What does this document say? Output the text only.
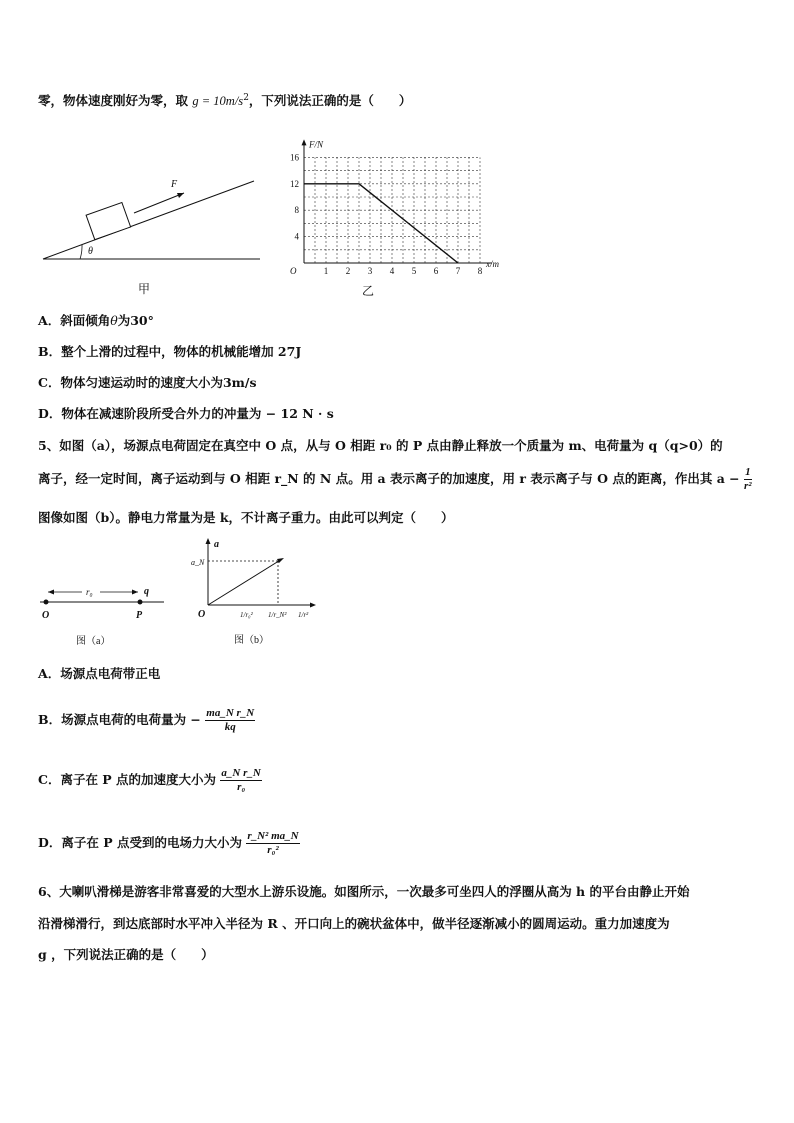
零，物体速度刚好为零，取 $g = 10m/s^2$，下列说法正确的是（　　）
θ
F
甲
F/N
x/m
O
4
8
12
16
1 2 3 4 5 6 7 8
乙
A．斜面倾角θ为30°
B．整个上滑的过程中，物体的机械能增加 27J
C．物体匀速运动时的速度大小为3m/s
D．物体在减速阶段所受合外力的冲量为 − 12 N · s
5、如图（a），场源点电荷固定在真空中 O 点，从与 O 相距 r₀ 的 P 点由静止释放一个质量为 m、电荷量为 q（q>0）的
离子，经一定时间，离子运动到与 O 相距 r_N 的 N 点。用 a 表示离子的加速度，用 r 表示离子与 O 点的距离，作出其 $a - \frac{1}{\text{r²}}$
图像如图（b）。静电力常量为是 k，不计离子重力。由此可以判定（　　）
r₀	q
O	P
图（a）
a
a_N
O	1/r₀² 1/r_N² 1/r²
图（b）
A．场源点电荷带正电
B．场源点电荷的电荷量为 − $\frac{\text{ma\_N r\_N}}{kq}$
C．离子在 P 点的加速度大小为 $\frac{\text{a\_N r\_N}}{\text{r₀}}$
D．离子在 P 点受到的电场力大小为 $\frac{\text{r\_N² ma\_N}}{\text{r₀²}}$
6、大喇叭滑梯是游客非常喜爱的大型水上游乐设施。如图所示，一次最多可坐四人的浮圈从高为 h 的平台由静止开始
沿滑梯滑行，到达底部时水平冲入半径为 R 、开口向上的碗状盆体中，做半径逐渐减小的圆周运动。重力加速度为
g ，下列说法正确的是（　　）
